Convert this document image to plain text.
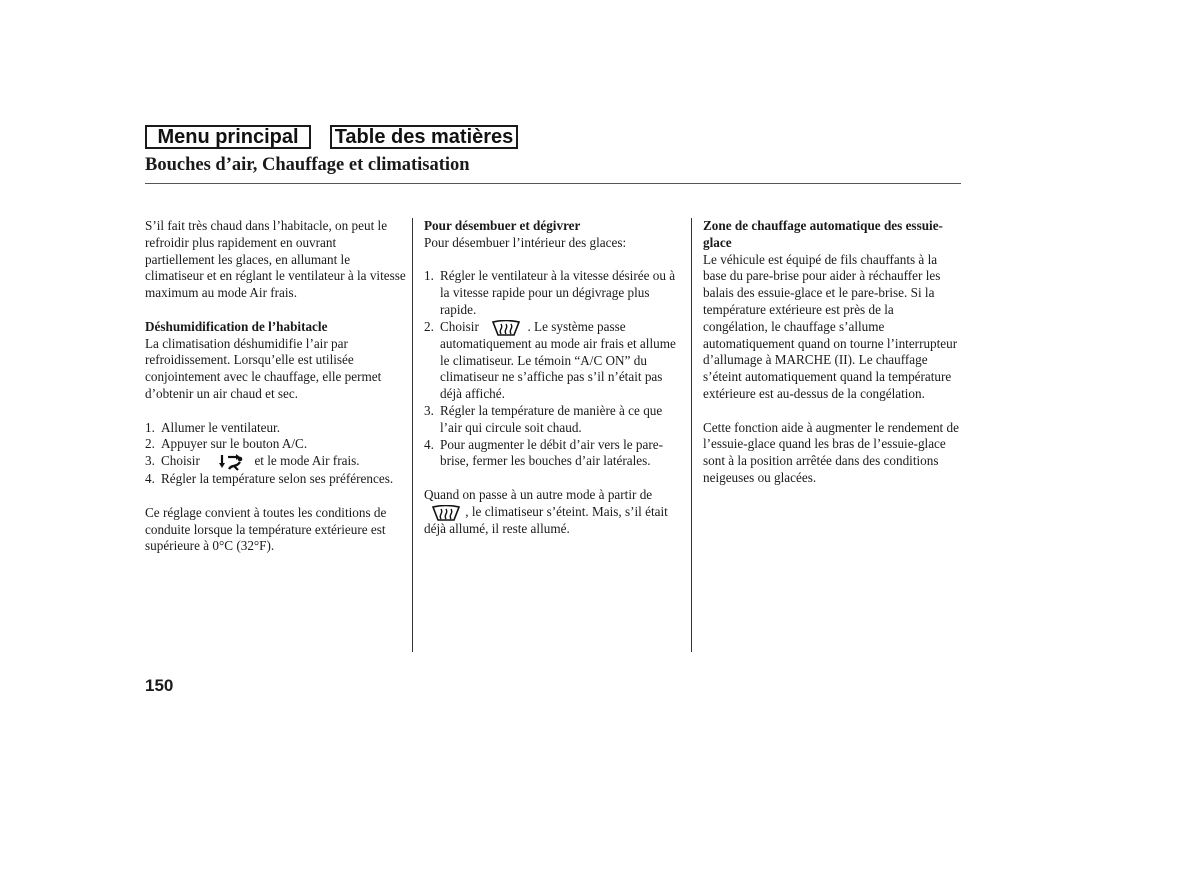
Menu principal	Table des matières
Bouches d’air, Chauffage et climatisation

S’il fait très chaud dans l’habitacle, on peut le refroidir plus rapidement en ouvrant partiellement les glaces, en allumant le climatiseur et en réglant le ventilateur à la vitesse maximum au mode Air frais.

Déshumidification de l’habitacle

La climatisation déshumidifie l’air par refroidissement. Lorsqu’elle est utilisée conjointement avec le chauffage, elle permet d’obtenir un air chaud et sec.

1. Allumer le ventilateur.
2. Appuyer sur le bouton A/C.
3. Choisir	et le mode Air frais.
4. Régler la température selon ses préférences.

Ce réglage convient à toutes les conditions de conduite lorsque la température extérieure est supérieure à 0°C (32°F).

Pour désembuer et dégivrer

Pour désembuer l’intérieur des glaces:

1. Régler le ventilateur à la vitesse désirée ou à la vitesse rapide pour un dégivrage plus rapide.
2. Choisir	. Le système passe automatiquement au mode air frais et allume le climatiseur. Le témoin “A/C ON” du climatiseur ne s’affiche pas s’il n’était pas déjà affiché.
3. Régler la température de manière à ce que l’air qui circule soit chaud.
4. Pour augmenter le débit d’air vers le pare-brise, fermer les bouches d’air latérales.

Quand on passe à un autre mode à partir de
, le climatiseur s’éteint. Mais, s’il était déjà allumé, il reste allumé.

Zone de chauffage automatique des essuie-glace

Le véhicule est équipé de fils chauffants à la base du pare-brise pour aider à réchauffer les balais des essuie-glace et le pare-brise. Si la température extérieure est près de la congélation, le chauffage s’allume automatiquement quand on tourne l’interrupteur d’allumage à MARCHE (II). Le chauffage s’éteint automatiquement quand la température extérieure est au-dessus de la congélation.

Cette fonction aide à augmenter le rendement de l’essuie-glace quand les bras de l’essuie-glace sont à la position arrêtée dans des conditions neigeuses ou glacées.

150
